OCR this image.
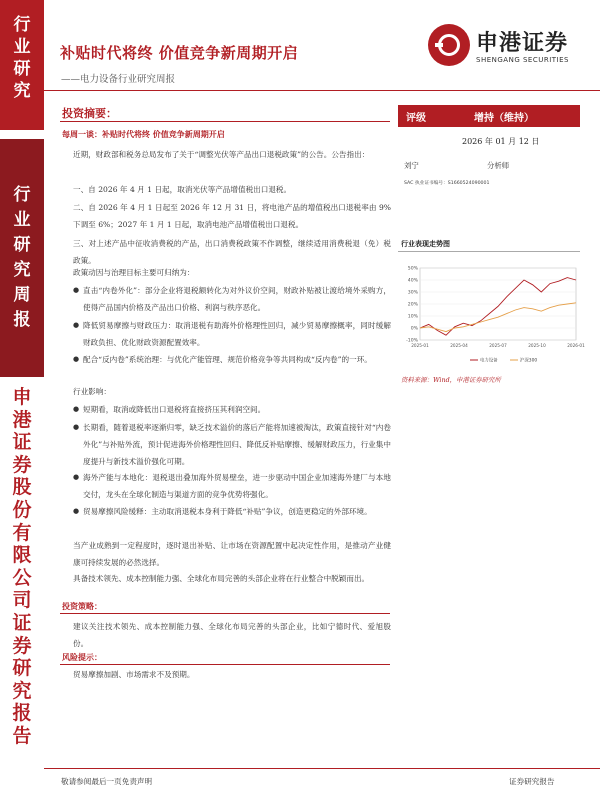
行
业
研
究
行
业
研
究
周
报
申
港
证
券
股
份
有
限
公
司
证
券
研
究
报
告
补贴时代将终 价值竞争新周期开启
——电力设备行业研究周报
申港证券
SHENGANG SECURITIES
投资摘要：
每周一谈：补贴时代将终 价值竞争新周期开启
近期，财政部和税务总局发布了关于“调整光伏等产品出口退税政策”的公告。公告指出：
一、自 2026 年 4 月 1 日起，取消光伏等产品增值税出口退税。
二、自 2026 年 4 月 1 日起至 2026 年 12 月 31 日，将电池产品的增值税出口退税率由 9%下调至 6%；2027 年 1 月 1 日起，取消电池产品增值税出口退税。
三、对上述产品中征收消费税的产品，出口消费税政策不作调整，继续适用消费税退（免）税政策。
政策动因与治理目标主要可归纳为：
● 直击“内卷外化”：部分企业将退税额转化为对外议价空间，财政补贴被让渡给境外采购方，使得产品国内价格及产品出口价格、利润与秩序恶化。
● 降低贸易摩擦与财政压力：取消退税有助海外价格理性回归，减少贸易摩擦概率，同时缓解财政负担、优化财政资源配置效率。
● 配合“反内卷”系统治理：与优化产能管理、规范价格竞争等共同构成“反内卷”的一环。
行业影响：
● 短期看，取消或降低出口退税将直接挤压其利润空间。
● 长期看，随着退税率逐渐归零，缺乏技术溢价的落后产能将加速被淘汰，政策直接针对“内卷外化”与补贴外流，预计促进海外价格理性回归、降低反补贴摩擦、缓解财政压力，行业集中度提升与新技术溢价强化可期。
● 海外产能与本地化：退税退出叠加海外贸易壁垒，进一步驱动中国企业加速海外建厂与本地交付，龙头在全球化制造与渠道方面的竞争优势将强化。
● 贸易摩擦风险缓释：主动取消退税本身利于降低“补贴”争议，创造更稳定的外部环境。
当产业成熟到一定程度时，逐时退出补贴、让市场在资源配置中起决定性作用，是推动产业健康可持续发展的必然选择。
具备技术领先、成本控制能力强、全球化布局完善的头部企业将在行业整合中脱颖而出。
投资策略：
建议关注技术领先、成本控制能力强、全球化布局完善的头部企业，比如宁德时代、爱旭股份。
风险提示：
贸易摩擦加剧、市场需求不及预期。
评级	增持（维持）
2026 年 01 月 12 日
刘宁	分析师
SAC 执业证书编号：S1660524090001
行业表现走势图
-10%
0%
10%
20%
30%
40%
50%
2025-01	2025-04	2025-07	2025-10	2026-01
电力设备	沪深300
资料来源：Wind，申港证券研究所
敬请参阅最后一页免责声明	证券研究报告
